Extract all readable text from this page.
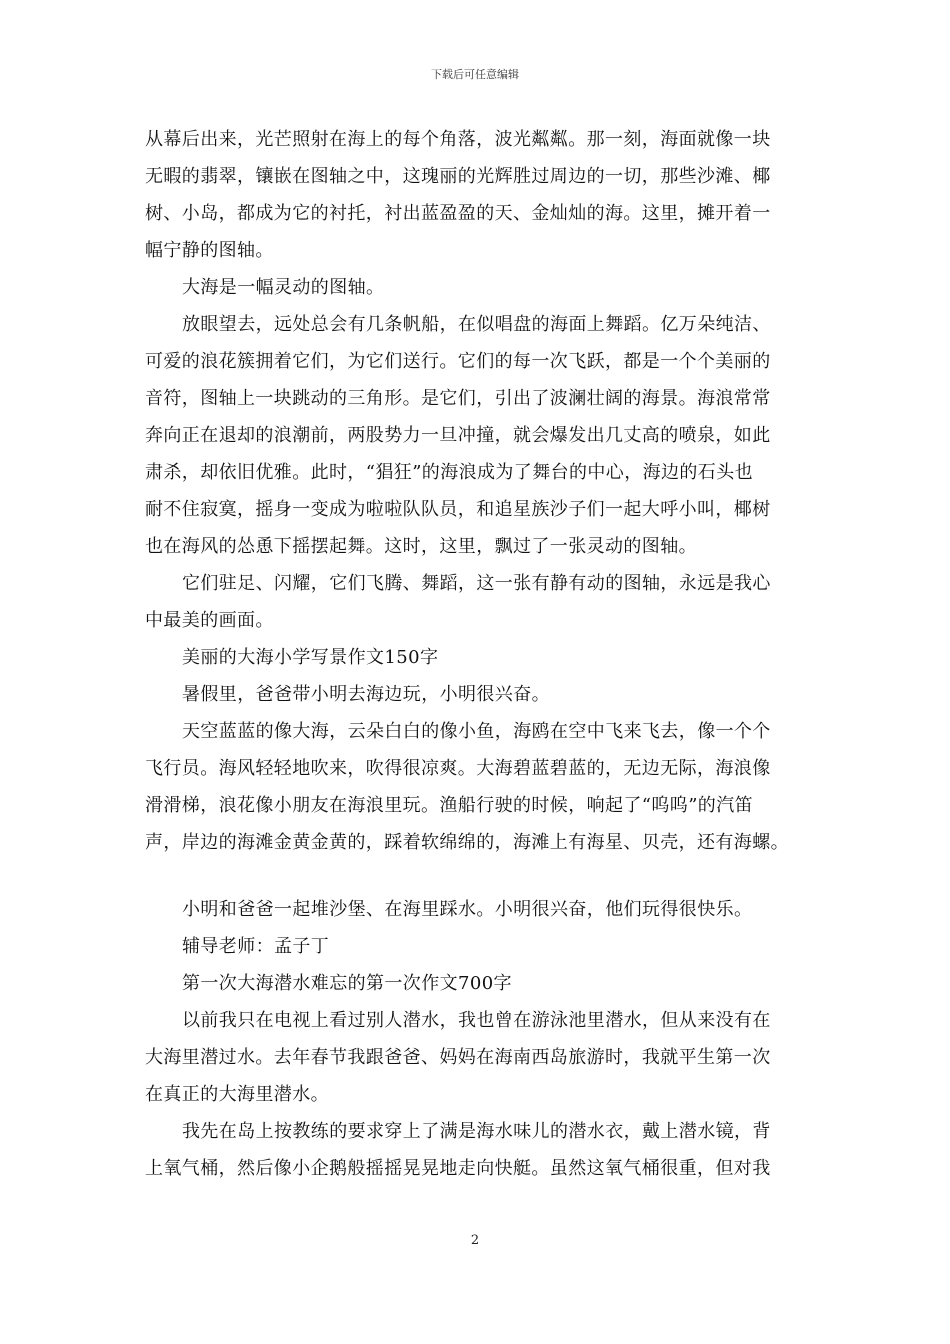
下载后可任意编辑

从幕后出来，光芒照射在海上的每个角落，波光粼粼。那一刻，海面就像一块

无暇的翡翠，镶嵌在图轴之中，这瑰丽的光辉胜过周边的一切，那些沙滩、椰

树、小岛，都成为它的衬托，衬出蓝盈盈的天、金灿灿的海。这里，摊开着一

幅宁静的图轴。

大海是一幅灵动的图轴。

放眼望去，远处总会有几条帆船，在似唱盘的海面上舞蹈。亿万朵纯洁、

可爱的浪花簇拥着它们，为它们送行。它们的每一次飞跃，都是一个个美丽的

音符，图轴上一块跳动的三角形。是它们，引出了波澜壮阔的海景。海浪常常

奔向正在退却的浪潮前，两股势力一旦冲撞，就会爆发出几丈高的喷泉，如此

肃杀，却依旧优雅。此时，“猖狂”的海浪成为了舞台的中心，海边的石头也

耐不住寂寞，摇身一变成为啦啦队队员，和追星族沙子们一起大呼小叫，椰树

也在海风的怂恿下摇摆起舞。这时，这里，飘过了一张灵动的图轴。

它们驻足、闪耀，它们飞腾、舞蹈，这一张有静有动的图轴，永远是我心

中最美的画面。

美丽的大海小学写景作文150字

暑假里，爸爸带小明去海边玩，小明很兴奋。

天空蓝蓝的像大海，云朵白白的像小鱼，海鸥在空中飞来飞去，像一个个

飞行员。海风轻轻地吹来，吹得很凉爽。大海碧蓝碧蓝的，无边无际，海浪像

滑滑梯，浪花像小朋友在海浪里玩。渔船行驶的时候，响起了“呜呜”的汽笛

声，岸边的海滩金黄金黄的，踩着软绵绵的，海滩上有海星、贝壳，还有海螺。

小明和爸爸一起堆沙堡、在海里踩水。小明很兴奋，他们玩得很快乐。

辅导老师：孟子丁

第一次大海潜水难忘的第一次作文700字

以前我只在电视上看过别人潜水，我也曾在游泳池里潜水，但从来没有在

大海里潜过水。去年春节我跟爸爸、妈妈在海南西岛旅游时，我就平生第一次

在真正的大海里潜水。

我先在岛上按教练的要求穿上了满是海水味儿的潜水衣，戴上潜水镜，背

上氧气桶，然后像小企鹅般摇摇晃晃地走向快艇。虽然这氧气桶很重，但对我

2
